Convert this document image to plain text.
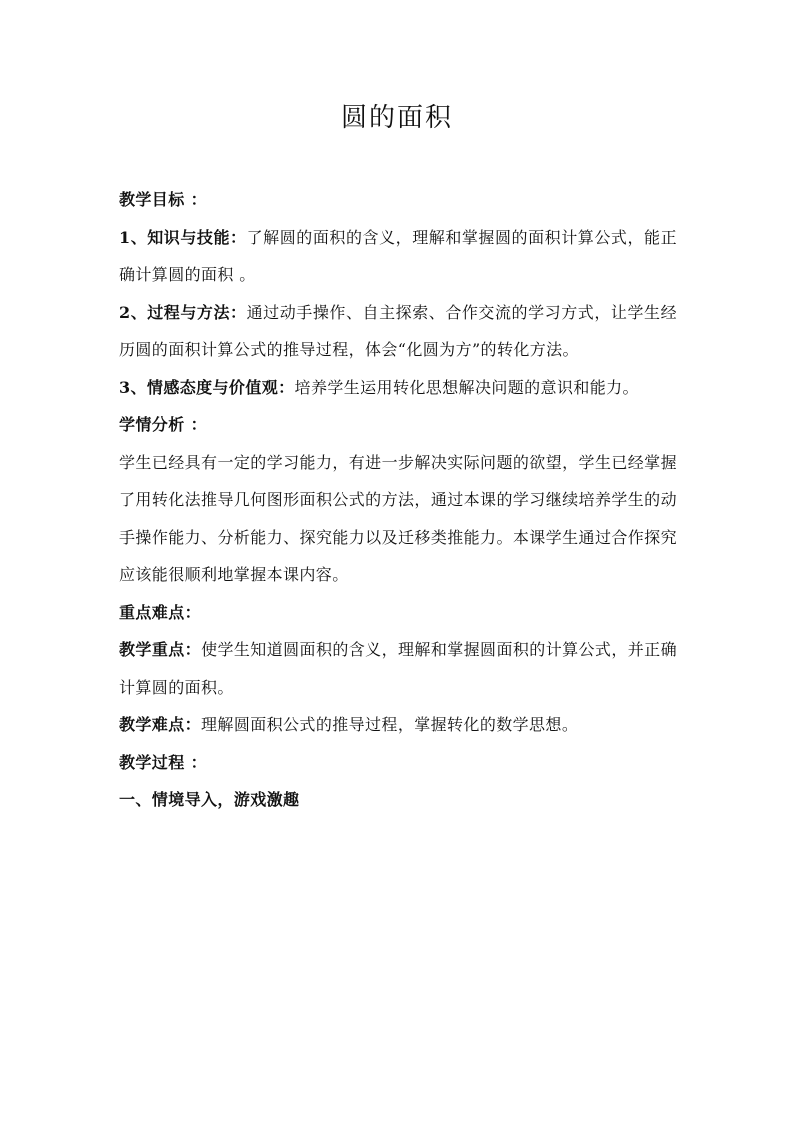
圆的面积

教学目标 ：

1、知识与技能：了解圆的面积的含义，理解和掌握圆的面积计算公式，能正确计算圆的面积 。

2、过程与方法：通过动手操作、自主探索、合作交流的学习方式，让学生经历圆的面积计算公式的推导过程，体会“化圆为方”的转化方法。

3、情感态度与价值观：培养学生运用转化思想解决问题的意识和能力。

学情分析 ：

学生已经具有一定的学习能力，有进一步解决实际问题的欲望，学生已经掌握了用转化法推导几何图形面积公式的方法，通过本课的学习继续培养学生的动手操作能力、分析能力、探究能力以及迁移类推能力。本课学生通过合作探究应该能很顺利地掌握本课内容。

重点难点：

教学重点：使学生知道圆面积的含义，理解和掌握圆面积的计算公式，并正确计算圆的面积。

教学难点：理解圆面积公式的推导过程，掌握转化的数学思想。

教学过程 ：

一、情境导入，游戏激趣
